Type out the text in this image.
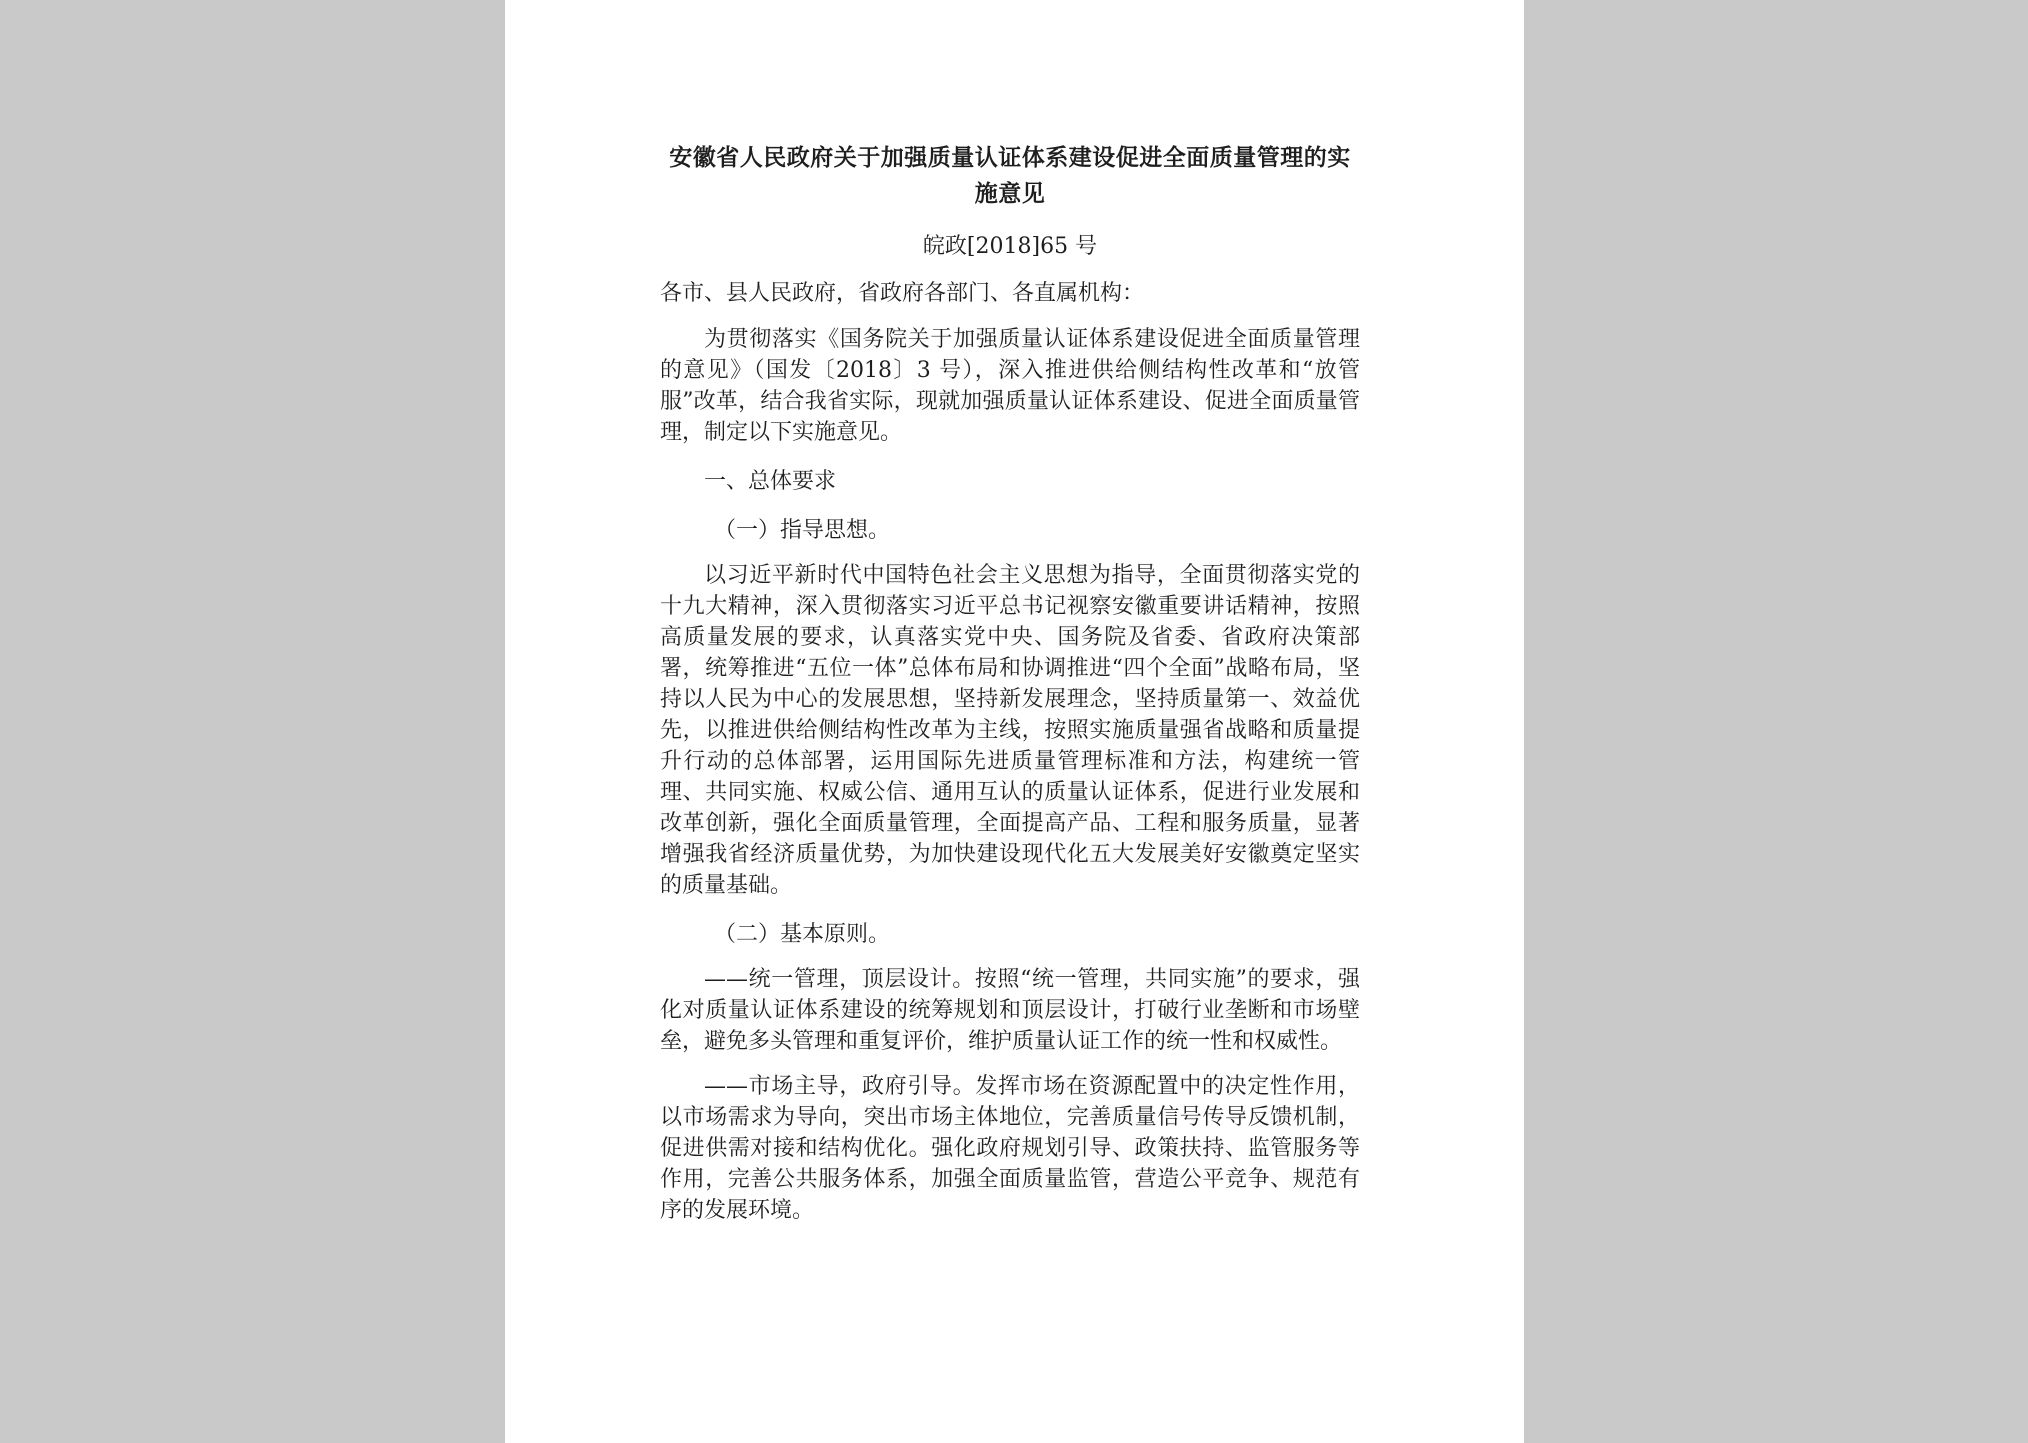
安徽省人民政府关于加强质量认证体系建设促进全面质量管理的实施意见
皖政[2018]65 号
各市、县人民政府，省政府各部门、各直属机构：

为贯彻落实《国务院关于加强质量认证体系建设促进全面质量管理的意见》（国发〔2018〕3 号），深入推进供给侧结构性改革和“放管服”改革，结合我省实际，现就加强质量认证体系建设、促进全面质量管理，制定以下实施意见。

一、总体要求
（一）指导思想。

以习近平新时代中国特色社会主义思想为指导，全面贯彻落实党的十九大精神，深入贯彻落实习近平总书记视察安徽重要讲话精神，按照高质量发展的要求，认真落实党中央、国务院及省委、省政府决策部署，统筹推进“五位一体”总体布局和协调推进“四个全面”战略布局，坚持以人民为中心的发展思想，坚持新发展理念，坚持质量第一、效益优先，以推进供给侧结构性改革为主线，按照实施质量强省战略和质量提升行动的总体部署，运用国际先进质量管理标准和方法，构建统一管理、共同实施、权威公信、通用互认的质量认证体系，促进行业发展和改革创新，强化全面质量管理，全面提高产品、工程和服务质量，显著增强我省经济质量优势，为加快建设现代化五大发展美好安徽奠定坚实的质量基础。

（二）基本原则。

——统一管理，顶层设计。按照“统一管理，共同实施”的要求，强化对质量认证体系建设的统筹规划和顶层设计，打破行业垄断和市场壁垒，避免多头管理和重复评价，维护质量认证工作的统一性和权威性。

——市场主导，政府引导。发挥市场在资源配置中的决定性作用，以市场需求为导向，突出市场主体地位，完善质量信号传导反馈机制，促进供需对接和结构优化。强化政府规划引导、政策扶持、监管服务等作用，完善公共服务体系，加强全面质量监管，营造公平竞争、规范有序的发展环境。
